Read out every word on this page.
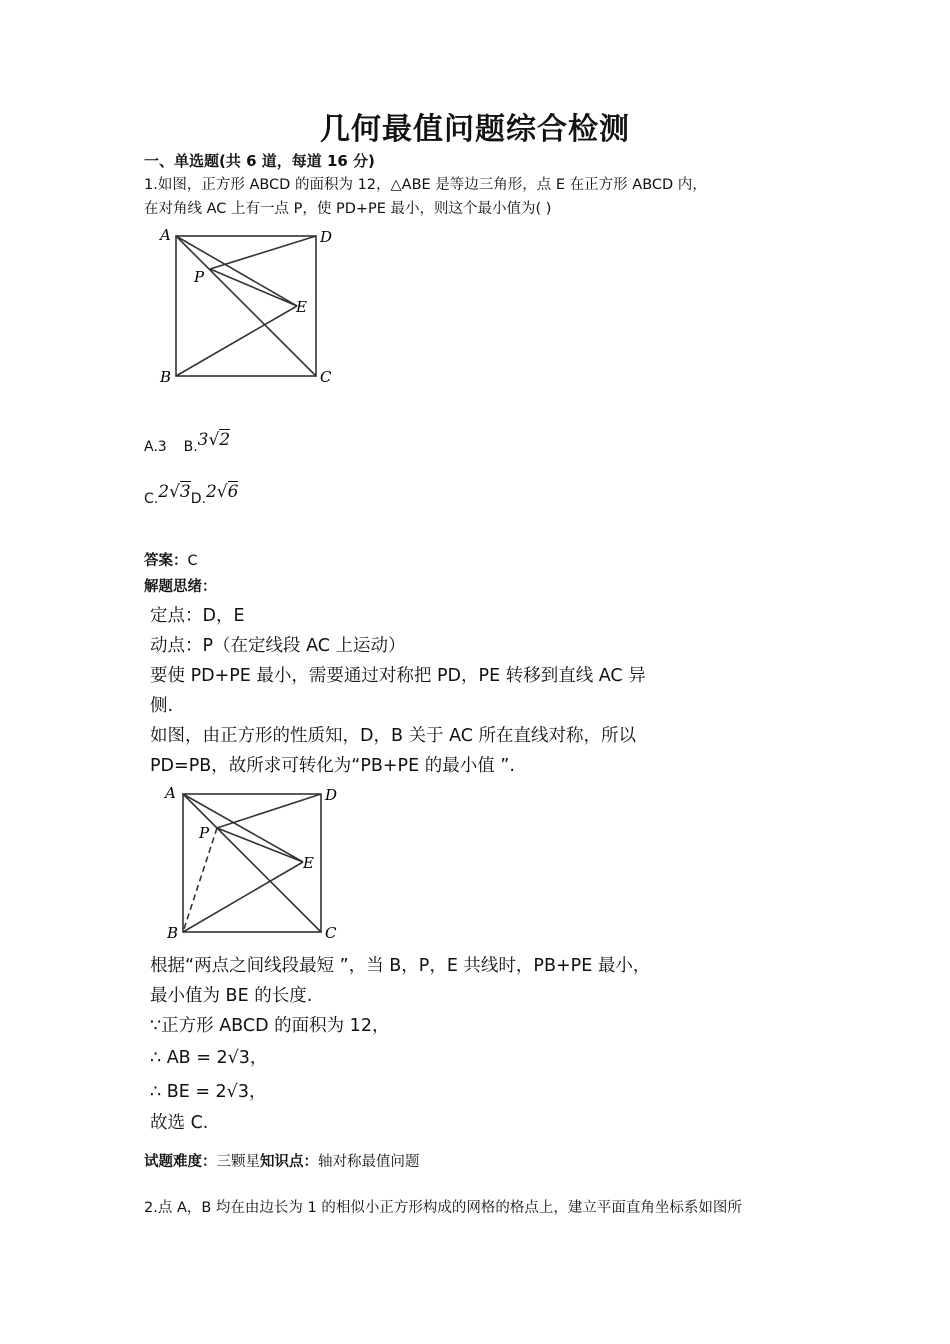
几何最值问题综合检测
一、单选题(共 6 道，每道 16 分)
1.如图，正方形 ABCD 的面积为 12，△ABE 是等边三角形，点 E 在正方形 ABCD 内，
在对角线 AC 上有一点 P，使 PD+PE 最小，则这个最小值为( )
A	D
P
E
B	C
A.3 B.3√2
C.2√3D.2√6
答案：C
解题思绪：
定点：D，E
动点：P（在定线段 AC 上运动）
要使 PD+PE 最小，需要通过对称把 PD，PE 转移到直线 AC 异
侧.
如图，由正方形的性质知，D，B 关于 AC 所在直线对称，所以
PD=PB，故所求可转化为“PB+PE 的最小值 ”.
A	D
P
E
B	C
根据“两点之间线段最短 ”，当 B，P，E 共线时，PB+PE 最小，
最小值为 BE 的长度.
∵正方形 ABCD 的面积为 12，
∴ AB = 2√3，
∴ BE = 2√3，
故选 C.
试题难度：三颗星知识点：轴对称最值问题
2.点 A，B 均在由边长为 1 的相似小正方形构成的网格的格点上，建立平面直角坐标系如图所
